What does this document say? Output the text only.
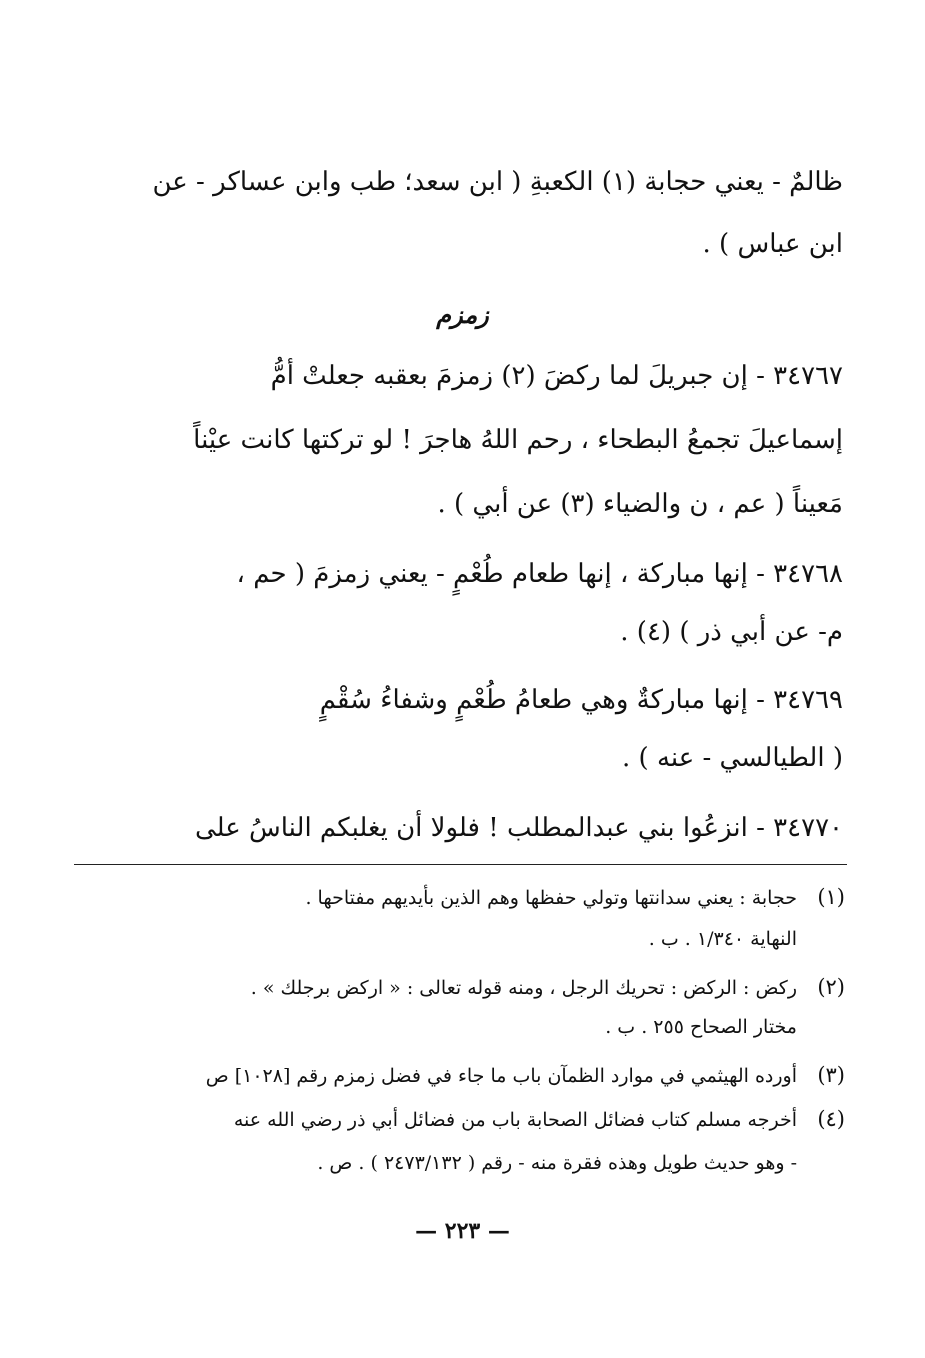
ظالمٌ - يعني حجابة (١) الكعبةِ ( ابن سعد؛ طب وابن عساكر - عن
ابن عباس ) .
زمزم
٣٤٧٦٧ - إن جبريلَ لما ركضَ (٢) زمزمَ بعقبه جعلتْ أمُّ
إسماعيلَ تجمعُ البطحاء ، رحم اللهُ هاجرَ ! لو تركتها كانت عيْناً
مَعيناً ( عم ، ن والضياء (٣) عن أبي ) .
٣٤٧٦٨ - إنها مباركة ، إنها طعام طُعْمٍ - يعني زمزمَ ( حم ،
م- عن أبي ذر ) (٤) .
٣٤٧٦٩ - إنها مباركةٌ وهي طعامُ طُعْمٍ وشفاءُ سُقْمٍ
( الطيالسي - عنه ) .
٣٤٧٧٠ - انزعُوا بني عبدالمطلب ! فلولا أن يغلبكم الناسُ على
(١)حجابة : يعني سدانتها وتولي حفظها وهم الذين بأيديهم مفتاحها .
النهاية ١/٣٤٠ . ب .
(٢)ركض : الركض : تحريك الرجل ، ومنه قوله تعالى : « اركض برجلك » .
مختار الصحاح ٢٥٥ . ب .
(٣)أورده الهيثمي في موارد الظمآن باب ما جاء في فضل زمزم رقم [١٠٢٨] ص
(٤)أخرجه مسلم كتاب فضائل الصحابة باب من فضائل أبي ذر رضي الله عنه
- وهو حديث طويل وهذه فقرة منه - رقم ( ٢٤٧٣/١٣٢ ) . ص .
— ٢٢٣ —
